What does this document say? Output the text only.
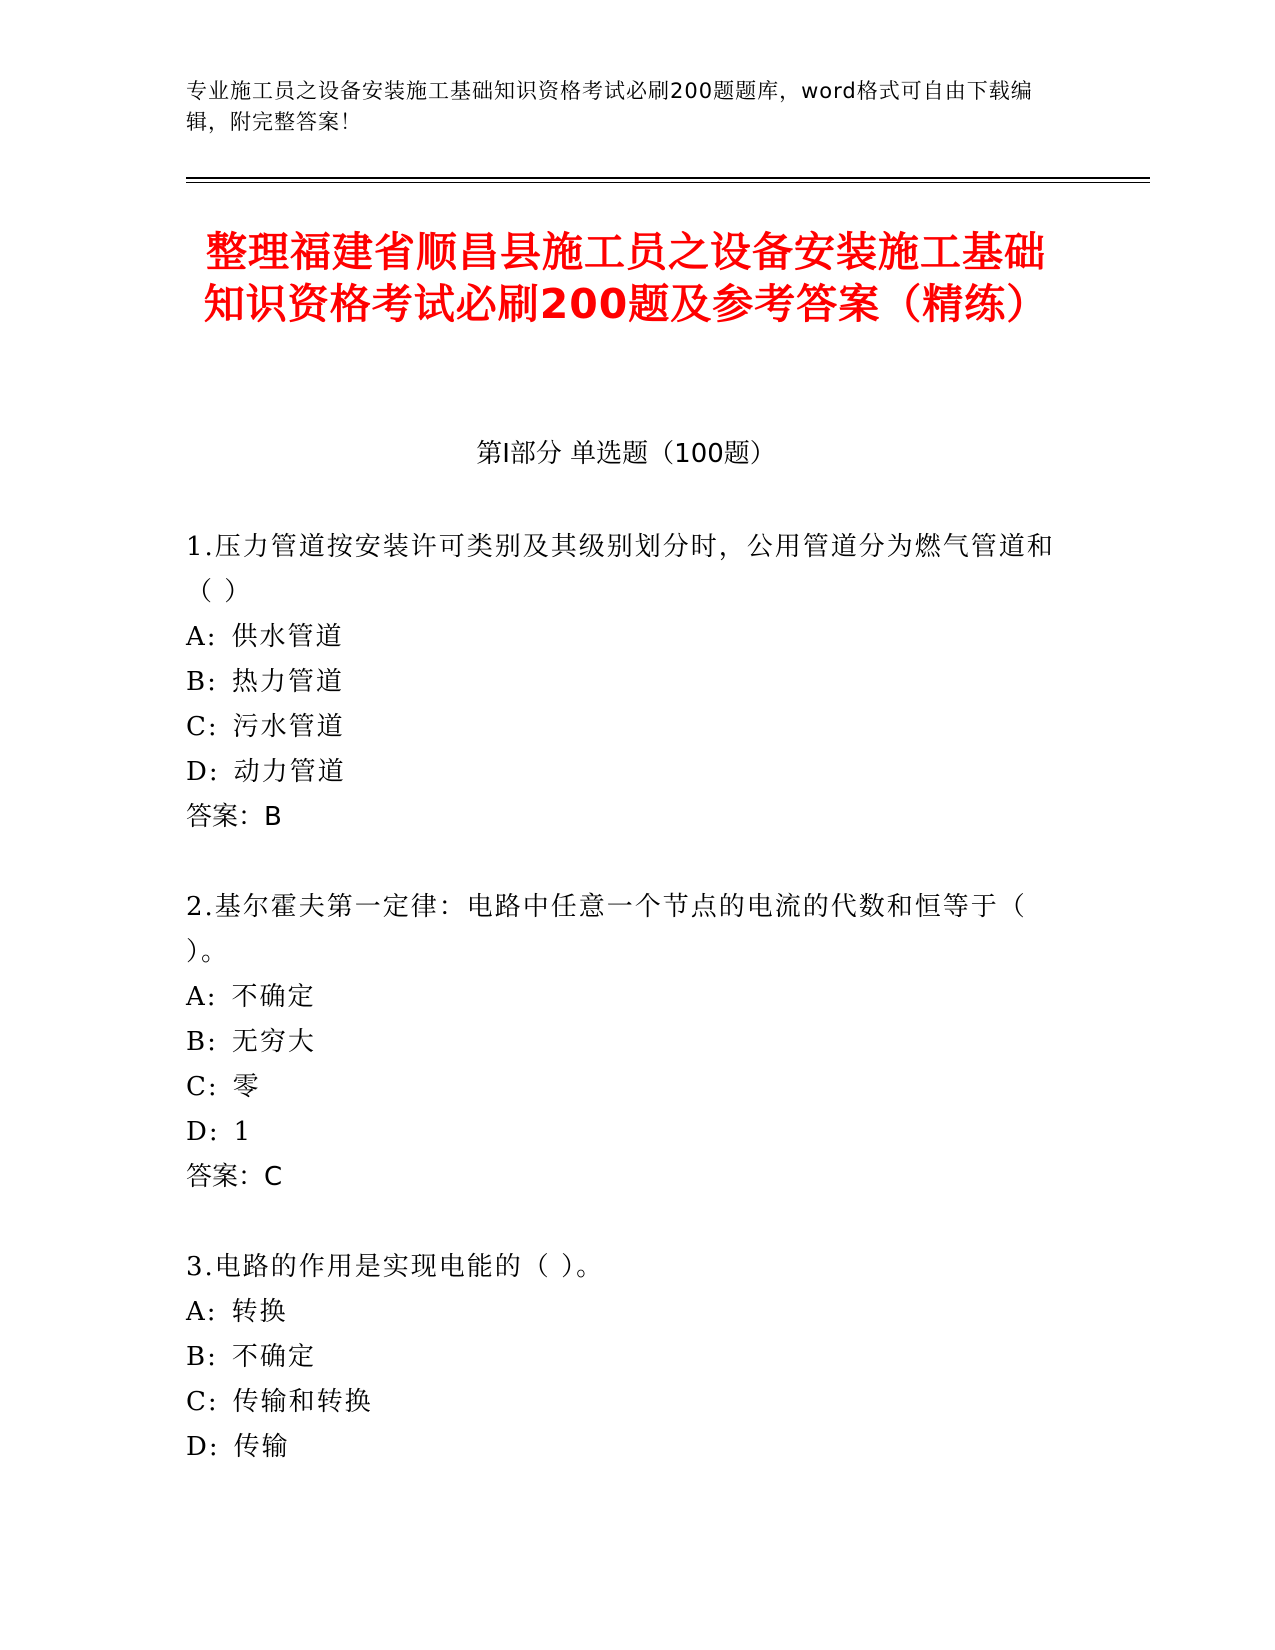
专业施工员之设备安装施工基础知识资格考试必刷200题题库，word格式可自由下载编辑，附完整答案！
整理福建省顺昌县施工员之设备安装施工基础知识资格考试必刷200题及参考答案（精练）
第Ⅰ部分 单选题（100题）
1.压力管道按安装许可类别及其级别划分时，公用管道分为燃气管道和（ ）
A: 供水管道
B: 热力管道
C: 污水管道
D: 动力管道
答案：B
2.基尔霍夫第一定律：电路中任意一个节点的电流的代数和恒等于（ ）。
A: 不确定
B: 无穷大
C: 零
D: 1
答案：C
3.电路的作用是实现电能的（ ）。
A: 转换
B: 不确定
C: 传输和转换
D: 传输
